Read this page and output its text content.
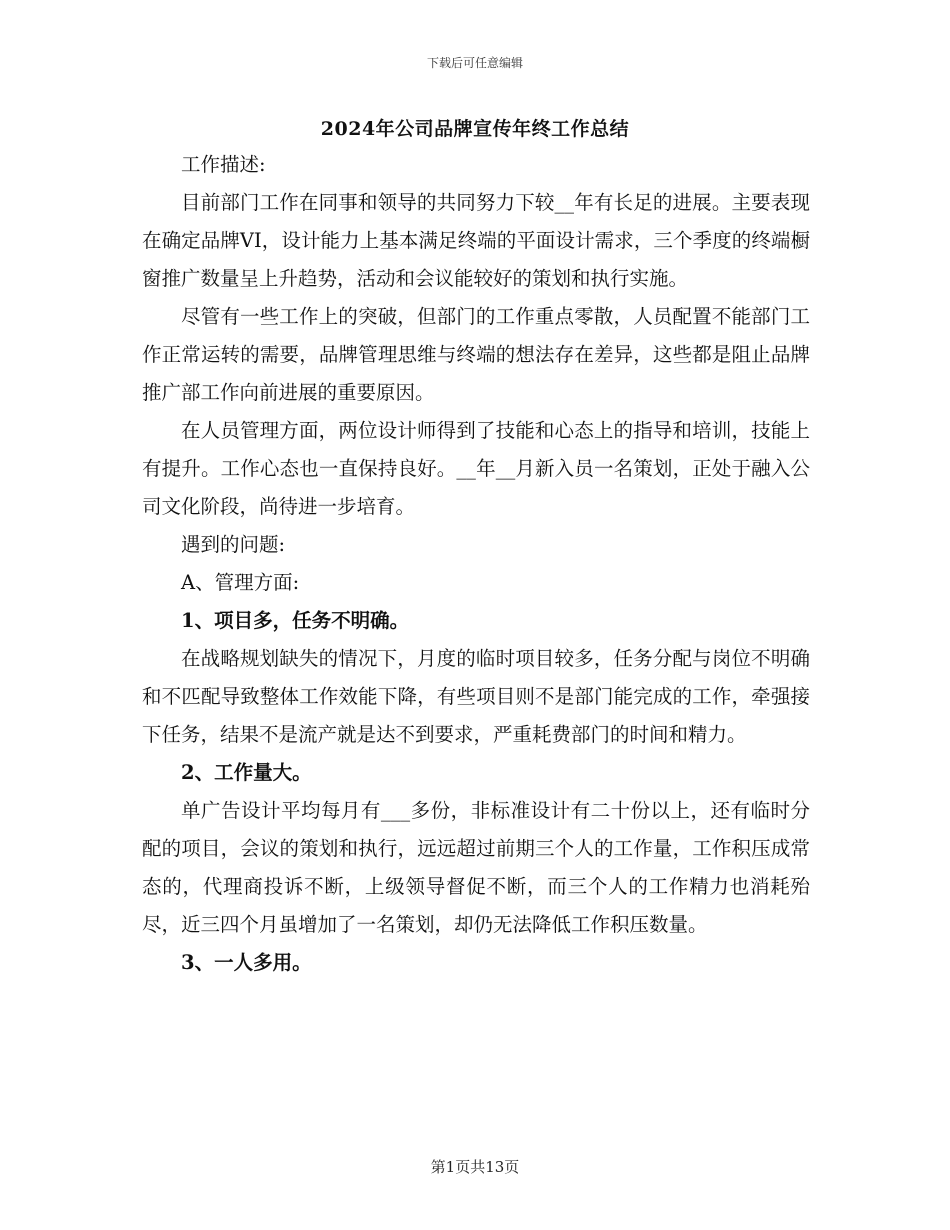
下载后可任意编辑
2024年公司品牌宣传年终工作总结

工作描述:

目前部门工作在同事和领导的共同努力下较__年有长足的进展。主要表现在确定品牌VI，设计能力上基本满足终端的平面设计需求，三个季度的终端橱窗推广数量呈上升趋势，活动和会议能较好的策划和执行实施。

尽管有一些工作上的突破，但部门的工作重点零散，人员配置不能部门工作正常运转的需要，品牌管理思维与终端的想法存在差异，这些都是阻止品牌推广部工作向前进展的重要原因。

在人员管理方面，两位设计师得到了技能和心态上的指导和培训，技能上有提升。工作心态也一直保持良好。__年__月新入员一名策划，正处于融入公司文化阶段，尚待进一步培育。

遇到的问题:

A、管理方面:

1、项目多，任务不明确。

在战略规划缺失的情况下，月度的临时项目较多，任务分配与岗位不明确和不匹配导致整体工作效能下降，有些项目则不是部门能完成的工作，牵强接下任务，结果不是流产就是达不到要求，严重耗费部门的时间和精力。

2、工作量大。

单广告设计平均每月有___多份，非标准设计有二十份以上，还有临时分配的项目，会议的策划和执行，远远超过前期三个人的工作量，工作积压成常态的，代理商投诉不断，上级领导督促不断，而三个人的工作精力也消耗殆尽，近三四个月虽增加了一名策划，却仍无法降低工作积压数量。

3、一人多用。

第1页共13页
